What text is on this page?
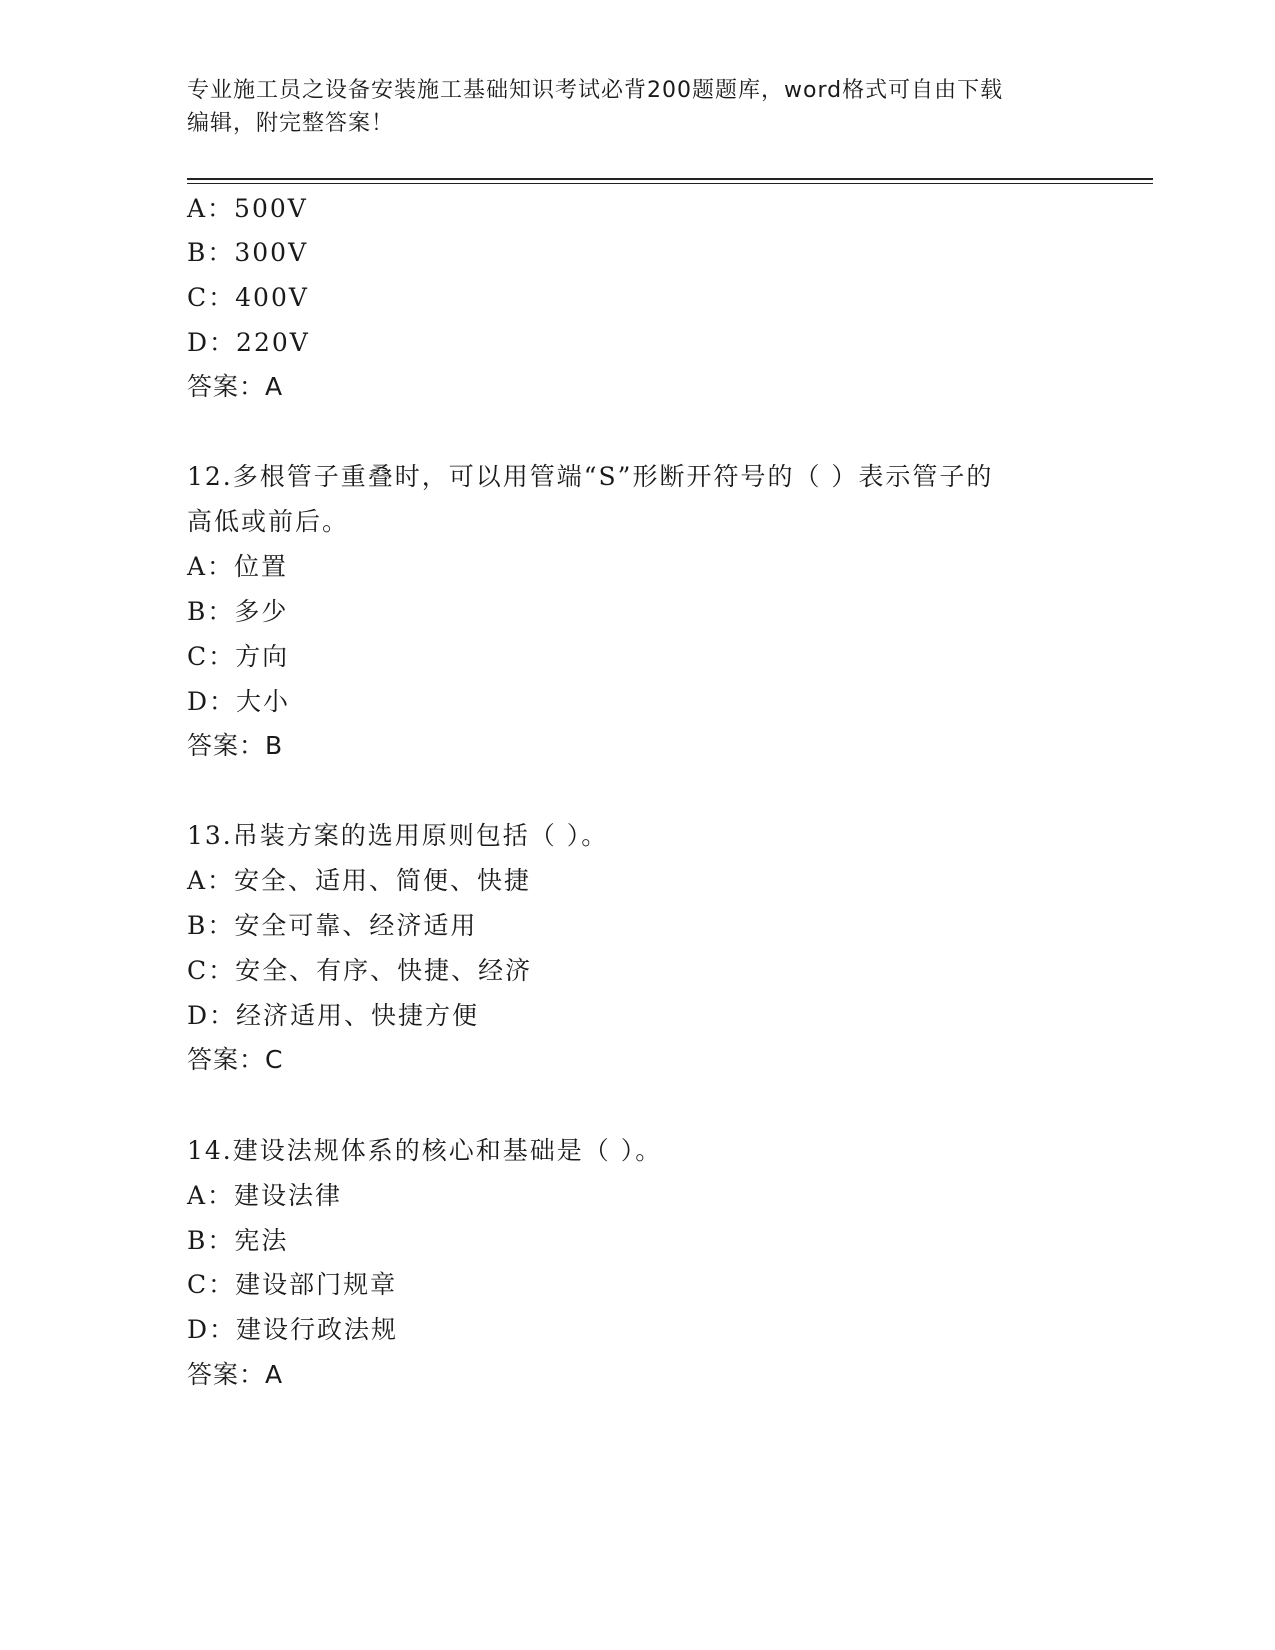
专业施工员之设备安装施工基础知识考试必背200题题库，word格式可自由下载
编辑，附完整答案！
A：500V
B：300V
C：400V
D：220V
答案：A
12.多根管子重叠时，可以用管端“S”形断开符号的（ ）表示管子的
高低或前后。
A：位置
B：多少
C：方向
D：大小
答案：B
13.吊装方案的选用原则包括（ ）。
A：安全、适用、简便、快捷
B：安全可靠、经济适用
C：安全、有序、快捷、经济
D：经济适用、快捷方便
答案：C
14.建设法规体系的核心和基础是（ ）。
A：建设法律
B：宪法
C：建设部门规章
D：建设行政法规
答案：A
